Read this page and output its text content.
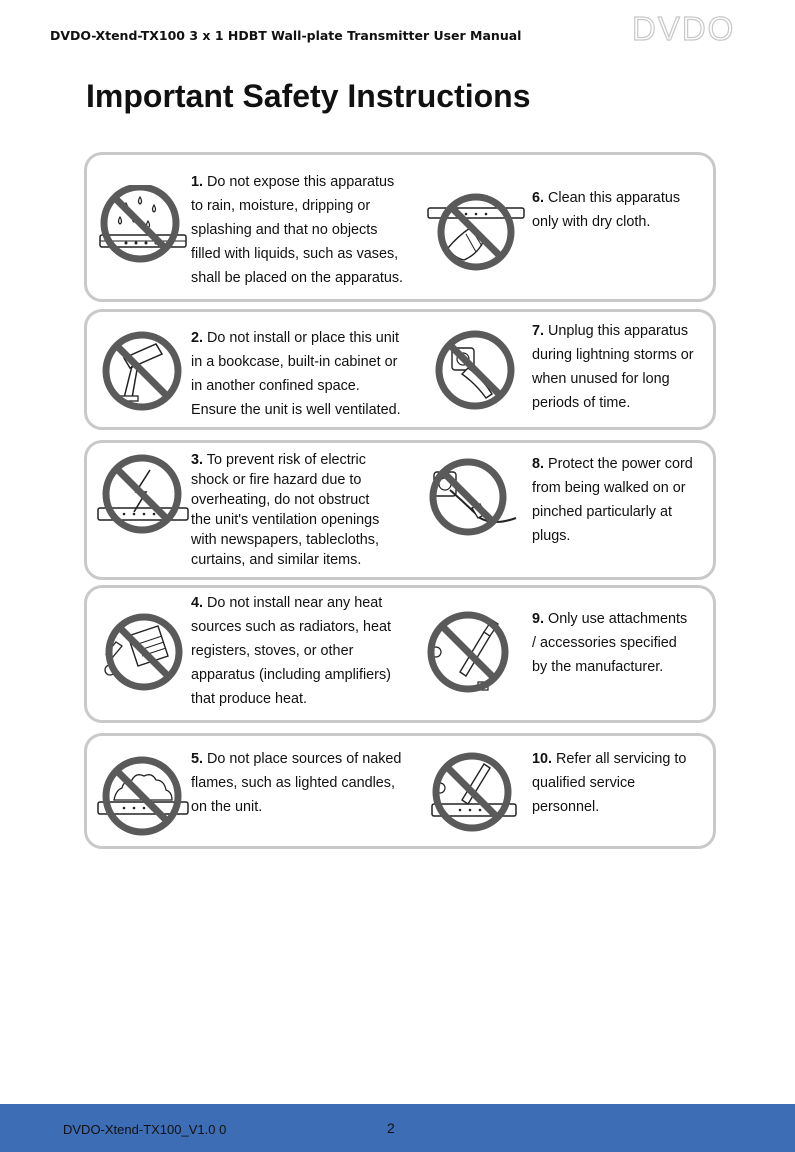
DVDO-Xtend-TX100 3 x 1 HDBT Wall-plate Transmitter User Manual	DVDO
Important Safety Instructions
1. Do not expose this apparatus
to rain, moisture, dripping or
splashing and that no objects
filled with liquids, such as vases,
shall be placed on the apparatus.
6. Clean this apparatus
only with dry cloth.
2. Do not install or place this unit
in a bookcase, built-in cabinet or
in another confined space.
Ensure the unit is well ventilated.
7. Unplug this apparatus
during lightning storms or
when unused for long
periods of time.
3. To prevent risk of electric
shock or fire hazard due to
overheating, do not obstruct
the unit's ventilation openings
with newspapers, tablecloths,
curtains, and similar items.
8. Protect the power cord
from being walked on or
pinched particularly at
plugs.
4. Do not install near any heat
sources such as radiators, heat
registers, stoves, or other
apparatus (including amplifiers)
that produce heat.
9. Only use attachments
/ accessories specified
by the manufacturer.
5. Do not place sources of naked
flames, such as lighted candles,
on the unit.
10. Refer all servicing to
qualified service
personnel.
DVDO-Xtend-TX100_V1.0 0	2
